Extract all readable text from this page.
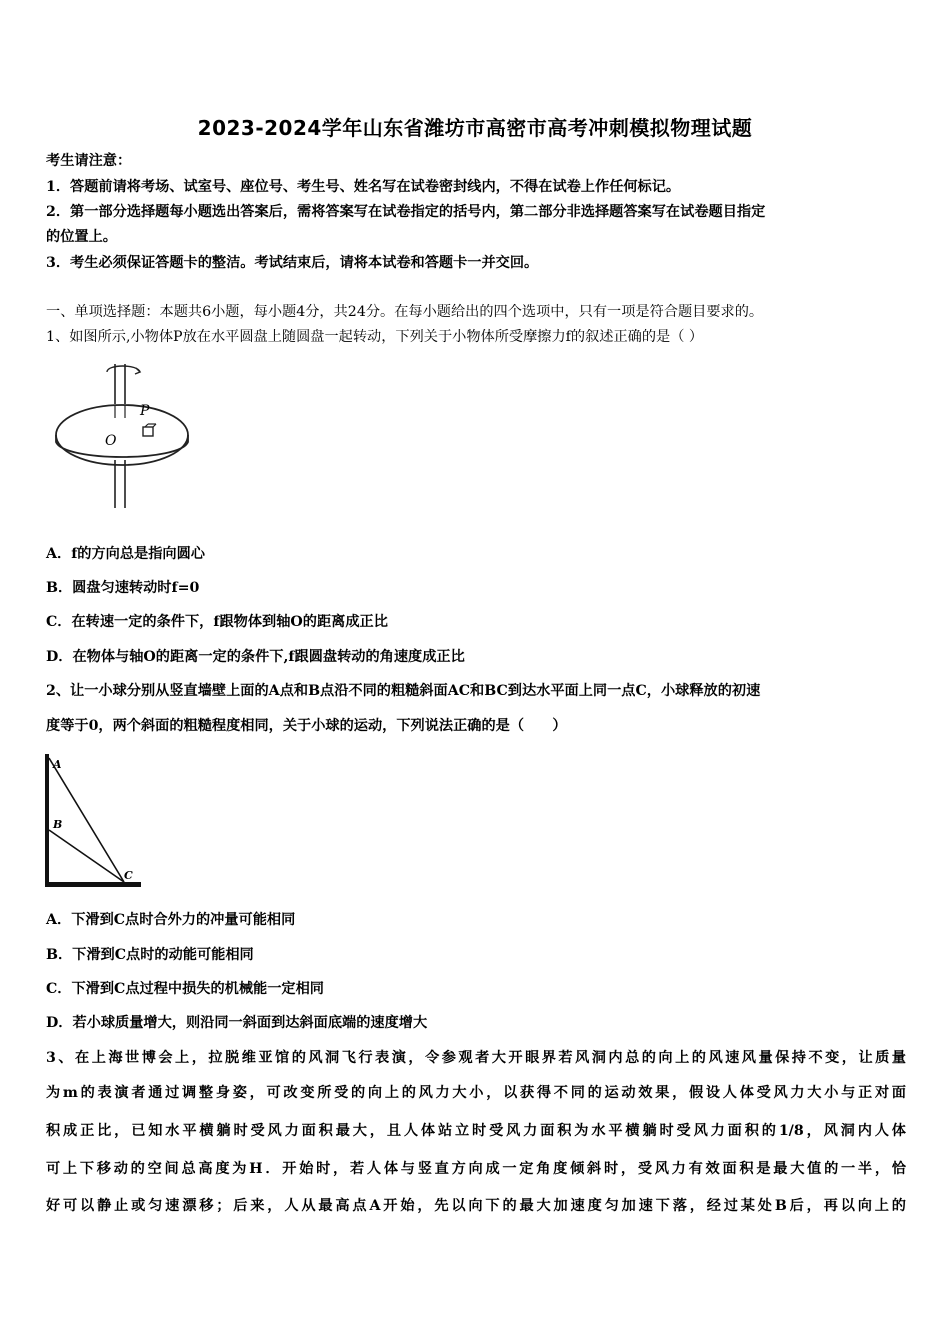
2023-2024学年山东省潍坊市高密市高考冲刺模拟物理试题
考生请注意：
1．答题前请将考场、试室号、座位号、考生号、姓名写在试卷密封线内，不得在试卷上作任何标记。
2．第一部分选择题每小题选出答案后，需将答案写在试卷指定的括号内，第二部分非选择题答案写在试卷题目指定
的位置上。
3．考生必须保证答题卡的整洁。考试结束后，请将本试卷和答题卡一并交回。
一、单项选择题：本题共6小题，每小题4分，共24分。在每小题给出的四个选项中，只有一项是符合题目要求的。
1、如图所示,小物体P放在水平圆盘上随圆盘一起转动，下列关于小物体所受摩擦力f的叙述正确的是（ ）
P
O
A．f的方向总是指向圆心
B．圆盘匀速转动时f=0
C．在转速一定的条件下，f跟物体到轴O的距离成正比
D．在物体与轴O的距离一定的条件下,f跟圆盘转动的角速度成正比
2、让一小球分别从竖直墙壁上面的A点和B点沿不同的粗糙斜面AC和BC到达水平面上同一点C，小球释放的初速
度等于0，两个斜面的粗糙程度相同，关于小球的运动，下列说法正确的是（　　）
A
B
C
A．下滑到C点时合外力的冲量可能相同
B．下滑到C点时的动能可能相同
C．下滑到C点过程中损失的机械能一定相同
D．若小球质量增大，则沿同一斜面到达斜面底端的速度增大
3、在上海世博会上，拉脱维亚馆的风洞飞行表演，令参观者大开眼界若风洞内总的向上的风速风量保持不变，让质量
为m的表演者通过调整身姿，可改变所受的向上的风力大小，以获得不同的运动效果，假设人体受风力大小与正对面
积成正比，已知水平横躺时受风力面积最大，且人体站立时受风力面积为水平横躺时受风力面积的1/8，风洞内人体
可上下移动的空间总高度为H．开始时，若人体与竖直方向成一定角度倾斜时，受风力有效面积是最大值的一半，恰
好可以静止或匀速漂移；后来，人从最高点A开始，先以向下的最大加速度匀加速下落，经过某处B后，再以向上的
